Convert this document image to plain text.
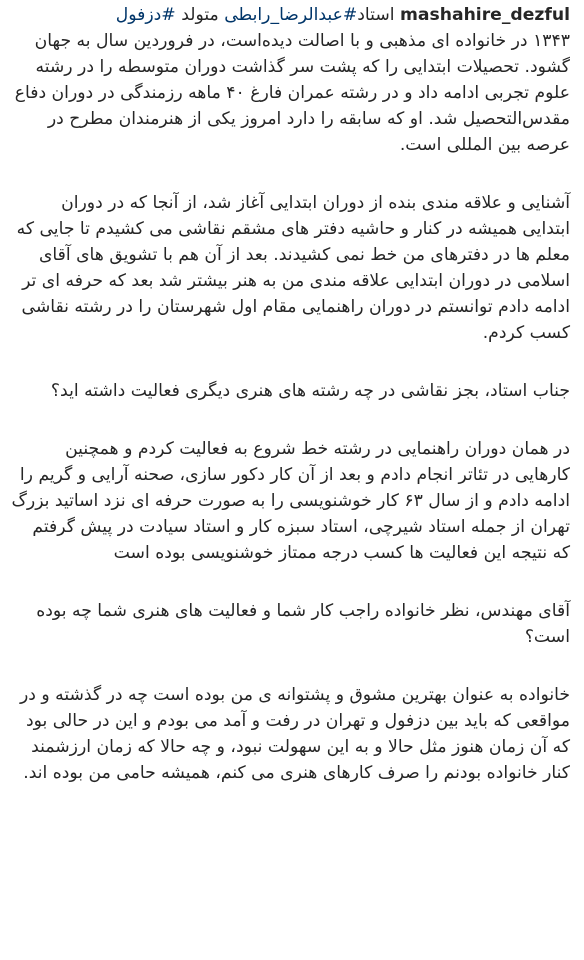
mashahire_dezful استاد#عبدالرضا_رابطی متولد #دزفول
۱۳۴۳ در خانواده ای مذهبی و با اصالت دیده‌است، در فروردین سال به جهان گشود. تحصیلات ابتدایی را که پشت سر گذاشت دوران متوسطه را در رشته علوم تجربی ادامه داد و در رشته عمران فارغ ۴۰ ماهه رزمندگی در دوران دفاع مقدس‌التحصیل شد. او که سابقه را دارد امروز یکی از هنرمندان مطرح در عرصه بین المللی است.
آشنایی و علاقه مندی بنده از دوران ابتدایی آغاز شد، از آنجا که در دوران ابتدایی همیشه در کنار و حاشیه دفتر های مشقم نقاشی می کشیدم تا جایی که معلم ها در دفترهای من خط نمی کشیدند. بعد از آن هم با تشویق های آقای اسلامی در دوران ابتدایی علاقه مندی من به هنر بیشتر شد بعد که حرفه ای تر ادامه دادم توانستم در دوران راهنمایی مقام اول شهرستان را در رشته نقاشی کسب کردم.
جناب استاد، بجز نقاشی در چه رشته های هنری دیگری فعالیت داشته اید؟
در همان دوران راهنمایی در رشته خط شروع به فعالیت کردم و همچنین کارهایی در تئاتر انجام دادم و بعد از آن کار دکور سازی، صحنه آرایی و گریم را ادامه دادم و از سال ۶۳ کار خوشنویسی را به صورت حرفه ای نزد اساتید بزرگ تهران از جمله استاد شیرچی، استاد سبزه کار و استاد سیادت در پیش گرفتم که نتیجه این فعالیت ها کسب درجه ممتاز خوشنویسی بوده است
آقای مهندس، نظر خانواده راجب کار شما و فعالیت های هنری شما چه بوده است؟
خانواده به عنوان بهترین مشوق و پشتوانه ی من بوده است چه در گذشته و در مواقعی که باید بین دزفول و تهران در رفت و آمد می بودم و این در حالی بود که آن زمان هنوز مثل حالا و به این سهولت نبود، و چه حالا که زمان ارزشمند کنار خانواده بودنم را صرف کارهای هنری می کنم، همیشه حامی من بوده اند.
